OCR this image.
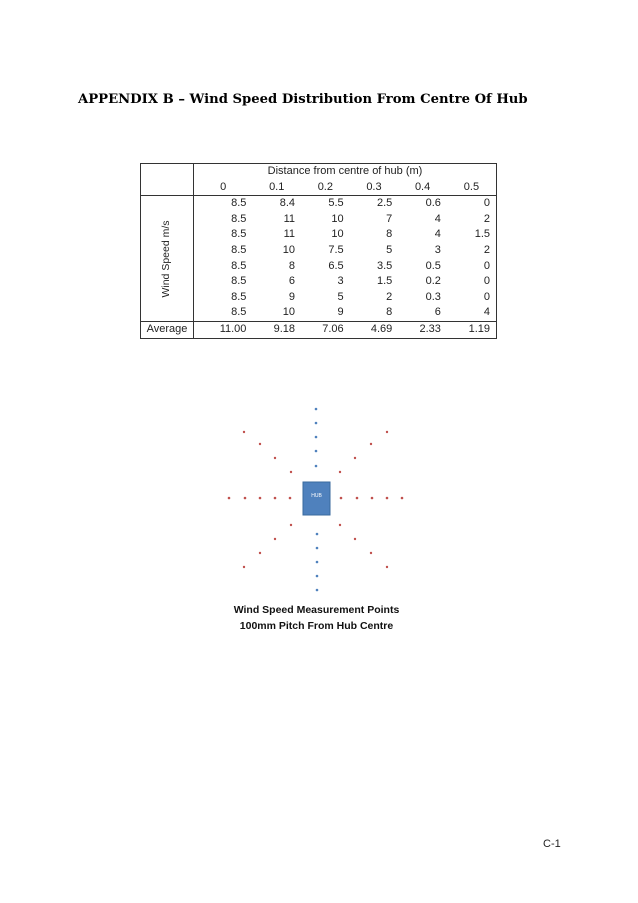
APPENDIX B – Wind Speed Distribution From Centre Of Hub
	Distance from centre of hub (m)					
	0	0.1	0.2	0.3	0.4	0.5

Wind Speed m/s	8.5	8.4	5.5	2.5	0.6	0
	8.5	11	10	7	4	2
	8.5	11	10	8	4	1.5
	8.5	10	7.5	5	3	2
	8.5	8	6.5	3.5	0.5	0
	8.5	6	3	1.5	0.2	0
	8.5	9	5	2	0.3	0
	8.5	10	9	8	6	4
Average	11.00	9.18	7.06	4.69	2.33	1.19
HUB
Wind Speed Measurement Points
100mm Pitch From Hub Centre
C-1
